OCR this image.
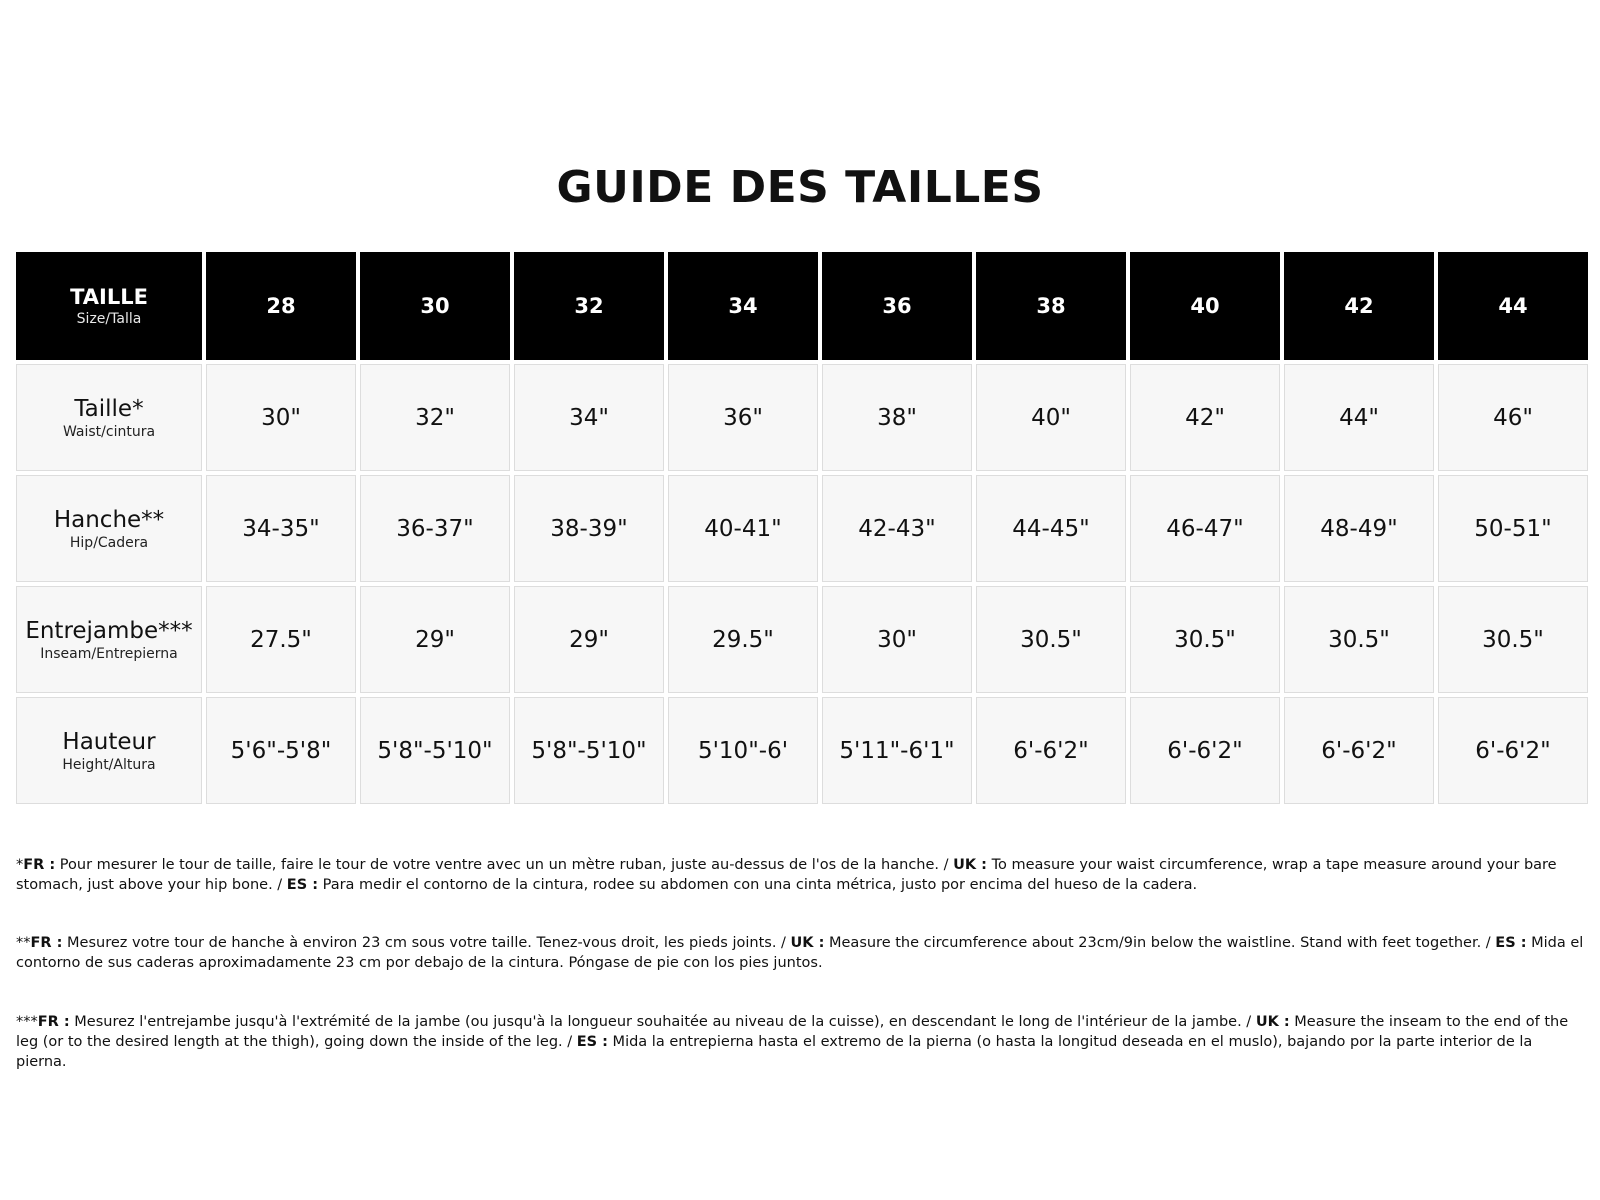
GUIDE DES TAILLES
TAILLE
Size/Talla	28	30	32	34	36	38	40	42	44

Taille*
Waist/cintura	30"	32"	34"	36"	38"	40"	42"	44"	46"

Hanche**
Hip/Cadera	34-35"	36-37"	38-39"	40-41"	42-43"	44-45"	46-47"	48-49"	50-51"

Entrejambe***
Inseam/Entrepierna	27.5"	29"	29"	29.5"	30"	30.5"	30.5"	30.5"	30.5"

Hauteur
Height/Altura	5'6"-5'8"	5'8"-5'10"	5'8"-5'10"	5'10"-6'	5'11"-6'1"	6'-6'2"	6'-6'2"	6'-6'2"	6'-6'2"

*FR : Pour mesurer le tour de taille, faire le tour de votre ventre avec un un mètre ruban, juste au-dessus de l'os de la hanche. / UK : To measure your waist circumference, wrap a tape measure around your bare stomach, just above your hip bone. / ES : Para medir el contorno de la cintura, rodee su abdomen con una cinta métrica, justo por encima del hueso de la cadera.

**FR : Mesurez votre tour de hanche à environ 23 cm sous votre taille. Tenez-vous droit, les pieds joints. / UK : Measure the circumference about 23cm/9in below the waistline. Stand with feet together. / ES : Mida el contorno de sus caderas aproximadamente 23 cm por debajo de la cintura. Póngase de pie con los pies juntos.

***FR : Mesurez l'entrejambe jusqu'à l'extrémité de la jambe (ou jusqu'à la longueur souhaitée au niveau de la cuisse), en descendant le long de l'intérieur de la jambe. / UK : Measure the inseam to the end of the leg (or to the desired length at the thigh), going down the inside of the leg. / ES : Mida la entrepierna hasta el extremo de la pierna (o hasta la longitud deseada en el muslo), bajando por la parte interior de la pierna.
